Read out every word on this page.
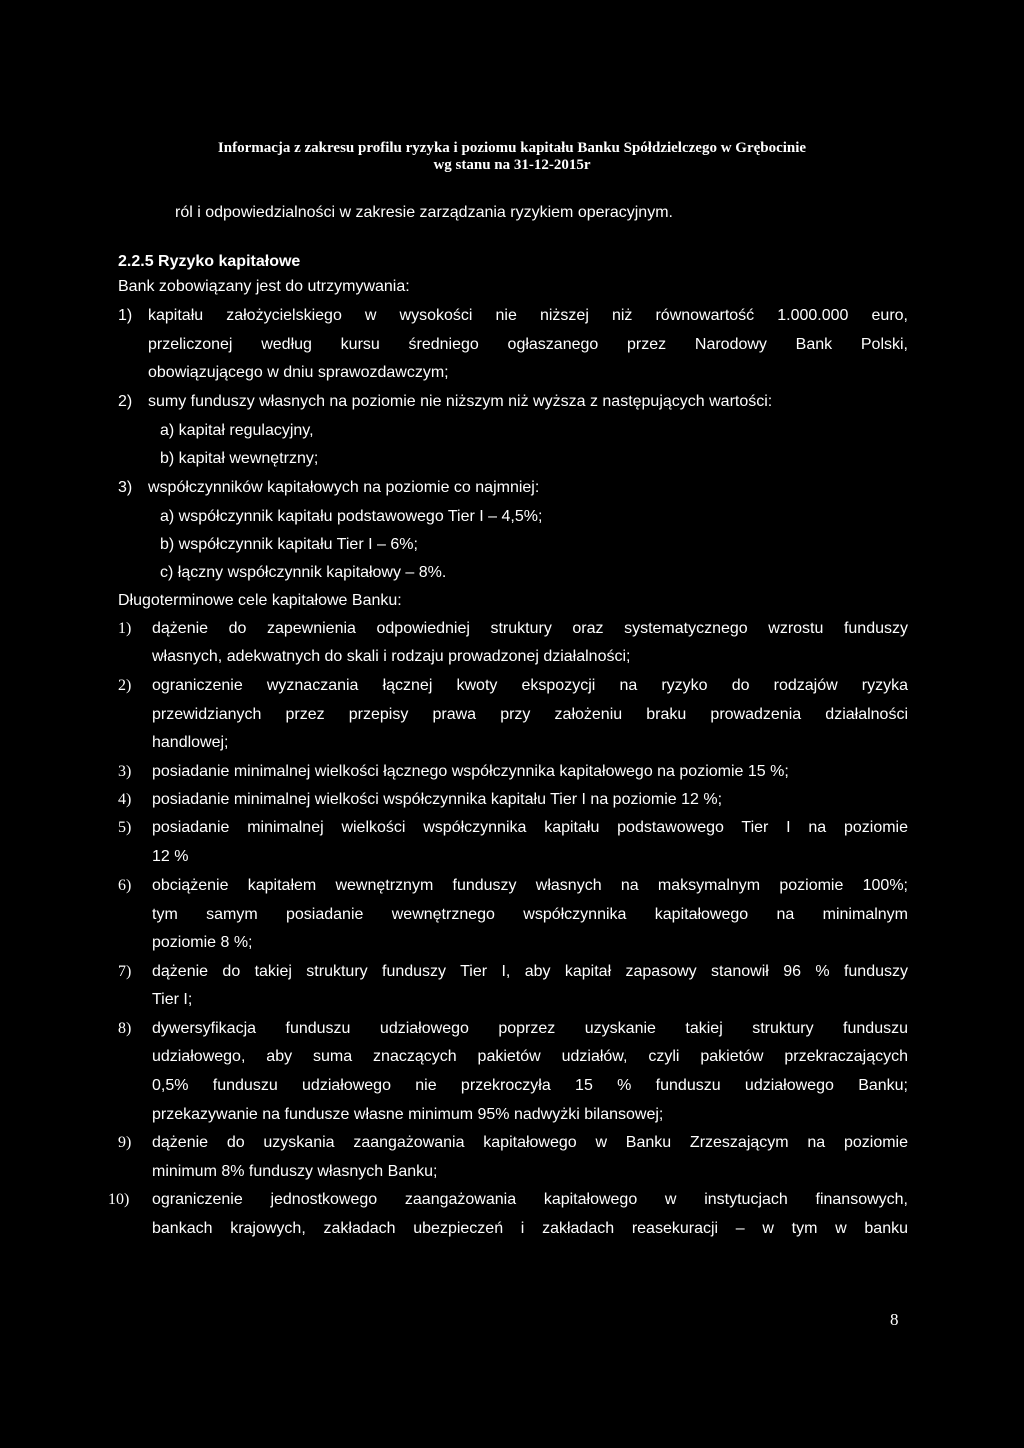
Informacja z zakresu profilu ryzyka i poziomu kapitału Banku Spółdzielczego w Grębocinie
wg stanu na 31-12-2015r
ról i odpowiedzialności w zakresie zarządzania ryzykiem operacyjnym.
2.2.5 Ryzyko kapitałowe
Bank zobowiązany jest do utrzymywania:
1) kapitału założycielskiego w wysokości nie niższej niż równowartość 1.000.000 euro,
przeliczonej według kursu średniego ogłaszanego przez Narodowy Bank Polski,
obowiązującego w dniu sprawozdawczym;
2) sumy funduszy własnych na poziomie nie niższym niż wyższa z następujących wartości:
a) kapitał regulacyjny,
b) kapitał wewnętrzny;
3) współczynników kapitałowych na poziomie co najmniej:
a) współczynnik kapitału podstawowego Tier I – 4,5%;
b) współczynnik kapitału Tier I – 6%;
c) łączny współczynnik kapitałowy – 8%.
Długoterminowe cele kapitałowe Banku:
1) dążenie do zapewnienia odpowiedniej struktury oraz systematycznego wzrostu funduszy
własnych, adekwatnych do skali i rodzaju prowadzonej działalności;
2) ograniczenie wyznaczania łącznej kwoty ekspozycji na ryzyko do rodzajów ryzyka
przewidzianych przez przepisy prawa przy założeniu braku prowadzenia działalności
handlowej;
3) posiadanie minimalnej wielkości łącznego współczynnika kapitałowego na poziomie 15 %;
4) posiadanie minimalnej wielkości współczynnika kapitału Tier I na poziomie 12 %;
5) posiadanie minimalnej wielkości współczynnika kapitału podstawowego Tier I na poziomie
12 %
6) obciążenie kapitałem wewnętrznym funduszy własnych na maksymalnym poziomie 100%;
tym samym posiadanie wewnętrznego współczynnika kapitałowego na minimalnym
poziomie 8 %;
7) dążenie do takiej struktury funduszy Tier I, aby kapitał zapasowy stanowił 96 % funduszy
Tier I;
8) dywersyfikacja funduszu udziałowego poprzez uzyskanie takiej struktury funduszu
udziałowego, aby suma znaczących pakietów udziałów, czyli pakietów przekraczających
0,5% funduszu udziałowego nie przekroczyła 15 % funduszu udziałowego Banku;
przekazywanie na fundusze własne minimum 95% nadwyżki bilansowej;
9) dążenie do uzyskania zaangażowania kapitałowego w Banku Zrzeszającym na poziomie
minimum 8% funduszy własnych Banku;
10) ograniczenie jednostkowego zaangażowania kapitałowego w instytucjach finansowych,
bankach krajowych, zakładach ubezpieczeń i zakładach reasekuracji – w tym w banku
8
